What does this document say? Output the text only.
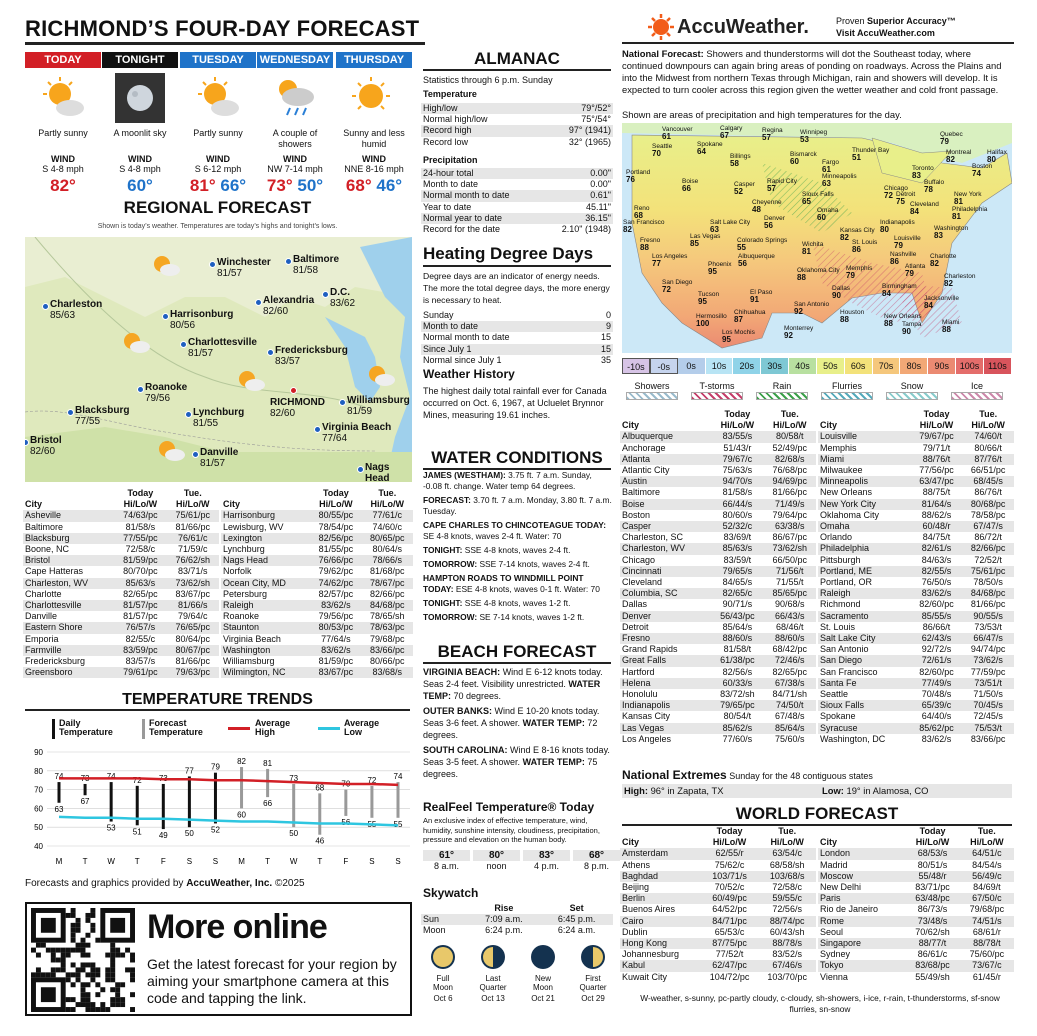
RICHMOND’S FOUR-DAY FORECAST
TODAY
Partly sunny
WIND
S 4-8 mph
82°
TONIGHT
A moonlit sky
WIND
S 4-8 mph
60°
TUESDAY
Partly sunny
WIND
S 6-12 mph
81° 66°
WEDNESDAY
A couple of showers
WIND
NW 7-14 mph
73° 50°
THURSDAY
Sunny and less humid
WIND
NNE 8-16 mph
68° 46°
REGIONAL FORECAST
Shown is today’s weather. Temperatures are today’s highs and tonight’s lows.
Winchester
81/57
Baltimore
81/58
D.C.
83/62
Charleston
85/63	Harrisonburg
80/56
Alexandria
82/60
Charlottesville
81/57	Fredericksburg
83/57
Roanoke
79/56
Blacksburg
77/55
Lynchburg
81/55
RICHMOND
82/60
Williamsburg
81/59
Virginia Beach
77/64
Bristol
82/60	Danville
81/57	Nags Head

	Today	Tue.
City	Hi/Lo/W	Hi/Lo/W
Asheville	74/63/pc	75/61/pc
Baltimore	81/58/s	81/66/pc
Blacksburg	77/55/pc	76/61/c
Boone, NC	72/58/c	71/59/c
Bristol	81/59/pc	76/62/sh
Cape Hatteras	80/70/pc	83/71/s
Charleston, WV	85/63/s	73/62/sh
Charlotte	82/65/pc	83/67/pc
Charlottesville	81/57/pc	81/66/s
Danville	81/57/pc	79/64/c
Eastern Shore	76/57/s	76/65/pc
Emporia	82/55/c	80/64/pc
Farmville	83/59/pc	80/67/pc
Fredericksburg	83/57/s	81/66/pc
Greensboro	79/61/pc	79/63/pc
	Today	Tue.
City	Hi/Lo/W	Hi/Lo/W
Harrisonburg	80/55/pc	77/61/c
Lewisburg, WV	78/54/pc	74/60/c
Lexington	82/56/pc	80/65/pc
Lynchburg	81/55/pc	80/64/s
Nags Head	76/66/pc	78/66/s
Norfolk	79/62/pc	81/68/pc
Ocean City, MD	74/62/pc	78/67/pc
Petersburg	82/57/pc	82/66/pc
Raleigh	83/62/s	84/68/pc
Roanoke	79/56/pc	78/65/sh
Staunton	80/53/pc	78/63/pc
Virginia Beach	77/64/s	79/68/pc
Washington	83/62/s	83/66/pc
Williamsburg	81/59/pc	80/66/pc
Wilmington, NC	83/67/pc	83/68/s
TEMPERATURE TRENDS
Daily Temperature
Forecast Temperature
Average High
Average Low
40
50
60
70
80
90
74
63
M
73
67
T
74
53
W
72
51
T
73
49
F
77
50
S
79
52
S
82
60
M
81
66
T
73
50
W
68
46
T
70
56
F
72
55
S
74
55
S
Forecasts and graphics provided by AccuWeather, Inc. ©2025
More online
Get the latest forecast for your region by aiming your smartphone camera at this code and tapping the link.
ALMANAC
Statistics through 6 p.m. Sunday
Temperature
High/low	79°/52°
Normal high/low	75°/54°
Record high	97° (1941)
Record low	32° (1965)
Precipitation
24-hour total	0.00"
Month to date	0.00"
Normal month to date	0.61"
Year to date	45.11"
Normal year to date	36.15"
Record for the date	2.10" (1948)
Heating Degree Days
Degree days are an indicator of energy needs. The more the total degree days, the more energy is necessary to heat.
Sunday	0
Month to date	9
Normal month to date	15
Since July 1	15
Normal since July 1	35
Weather History
The highest daily total rainfall ever for Canada occurred on Oct. 6, 1967, at Ucluelet Brynnor Mines, measuring 19.61 inches.
WATER CONDITIONS
JAMES (WESTHAM): 3.75 ft. 7 a.m. Sunday, -0.08 ft. change. Water temp 64 degrees.
FORECAST: 3.70 ft. 7 a.m. Monday, 3.80 ft. 7 a.m. Tuesday.
CAPE CHARLES TO CHINCOTEAGUE TODAY: SE 4-8 knots, waves 2-4 ft. Water: 70
TONIGHT: SSE 4-8 knots, waves 2-4 ft.
TOMORROW: SSE 7-14 knots, waves 2-4 ft.
HAMPTON ROADS TO WINDMILL POINT TODAY: ESE 4-8 knots, waves 0-1 ft. Water: 70
TONIGHT: SSE 4-8 knots, waves 1-2 ft.
TOMORROW: SE 7-14 knots, waves 1-2 ft.
BEACH FORECAST
VIRGINIA BEACH: Wind E 6-12 knots today. Seas 2-4 feet. Visibility unrestricted. WATER TEMP: 70 degrees.
OUTER BANKS: Wind E 10-20 knots today. Seas 3-6 feet. A shower. WATER TEMP: 72 degrees.
SOUTH CAROLINA: Wind E 8-16 knots today. Seas 3-5 feet. A shower. WATER TEMP: 75 degrees.
RealFeel Temperature® Today
An exclusive index of effective temperature, wind, humidity, sunshine intensity, cloudiness, precipitation, pressure and elevation on the human body.
61°
8 a.m.
80°
noon
83°
4 p.m.
68°
8 p.m.
Skywatch
	Rise	Set
Sun	7:09 a.m.	6:45 p.m.
Moon	6:24 p.m.	6:24 a.m.
Full Moon
Oct 6
Last Quarter
Oct 13
New Moon
Oct 21
First Quarter
Oct 29
AccuWeather.	Proven Superior Accuracy™
Visit AccuWeather.com
National Forecast: Showers and thunderstorms will dot the Southeast today, where continued downpours can again bring areas of ponding on roadways. Across the Plains and into the Midwest from northern Texas through Michigan, rain and showers will develop. It is expected to turn cooler across this region given the wetter weather and cold front passage.
Shown are areas of precipitation and high temperatures for the day.
Vancouver
61
Calgary
67
Regina
57
Winnipeg
53
Seattle
70
Spokane
64
Billings
58
Bismarck
60	Fargo
61
Thunder Bay
51
Quebec
79
Montreal
82
Halifax
80
Portland
76	Boise
66	Casper
52
Rapid City
57
Minneapolis
63
Toronto
83
Buffalo
78
Boston
74
New York
81
Sioux Falls
65
Chicago
72 Detroit
75
Cheyenne
48	Omaha
60
Cleveland
84	Philadelphia
81
Reno
68
Salt Lake City
63
Denver
56
Kansas City
82
Indianapolis
80	Washington
83
San Francisco
82
Colorado Springs
55
St. Louis
86
Louisville
79
Fresno
88
Las Vegas
85	Wichita
81	Nashville
86
Charlotte
82
Los Angeles
77
Albuquerque
56
Oklahoma City
88
Memphis
79
Atlanta
79
San Diego
72
Phoenix
95
Dallas
90
Birmingham
84
Charleston
82
Tucson
95
El Paso
91	Jacksonville
84
Chihuahua
87
San Antonio
92	Houston
88	New Orleans
88
Hermosillo
100	Tampa
90
Miami
88
Los Mochis
95
Monterrey
92
-10s	-0s	0s	10s	20s	30s	40s	50s	60s	70s	80s	90s	100s 110s
Showers	T-storms	Rain	Flurries	Snow	Ice
	Today	Tue.
City	Hi/Lo/W	Hi/Lo/W
Albuquerque	83/55/s	80/58/t
Anchorage	51/43/r	52/49/pc
Atlanta	79/67/c	82/68/s
Atlantic City	75/63/s	76/68/pc
Austin	94/70/s	94/69/pc
Baltimore	81/58/s	81/66/pc
Boise	66/44/s	71/49/s
Boston	80/60/s	79/64/pc
Casper	52/32/c	63/38/s
Charleston, SC	83/69/t	86/67/pc
Charleston, WV	85/63/s	73/62/sh
Chicago	83/59/t	66/50/pc
Cincinnati	79/65/s	71/56/t
Cleveland	84/65/s	71/55/t
Columbia, SC	82/65/c	85/65/pc
Dallas	90/71/s	90/68/s
Denver	56/43/pc	66/43/s
Detroit	85/64/s	68/46/t
Fresno	88/60/s	88/60/s
Grand Rapids	81/58/t	68/42/pc
Great Falls	61/38/pc	72/46/s
Hartford	82/56/s	82/65/pc
Helena	60/33/s	67/38/s
Honolulu	83/72/sh	84/71/sh
Indianapolis	79/65/pc	74/50/t
Kansas City	80/54/t	67/48/s
Las Vegas	85/62/s	85/64/s
Los Angeles	77/60/s	75/60/s
	Today	Tue.
City	Hi/Lo/W	Hi/Lo/W
Louisville	79/67/pc	74/60/t
Memphis	79/71/t	80/66/t
Miami	88/76/t	87/76/t
Milwaukee	77/56/pc	66/51/pc
Minneapolis	63/47/pc	68/45/s
New Orleans	88/75/t	86/76/t
New York City	81/64/s	80/68/pc
Oklahoma City	88/62/s	78/58/pc
Omaha	60/48/r	67/47/s
Orlando	84/75/t	86/72/t
Philadelphia	82/61/s	82/66/pc
Pittsburgh	84/63/s	72/52/t
Portland, ME	82/55/s	75/61/pc
Portland, OR	76/50/s	78/50/s
Raleigh	83/62/s	84/68/pc
Richmond	82/60/pc	81/66/pc
Sacramento	85/55/s	90/55/s
St. Louis	86/66/t	73/53/t
Salt Lake City	62/43/s	66/47/s
San Antonio	92/72/s	94/74/pc
San Diego	72/61/s	73/62/s
San Francisco	82/60/pc	77/59/pc
Santa Fe	77/49/s	73/51/t
Seattle	70/48/s	71/50/s
Sioux Falls	65/39/c	70/45/s
Spokane	64/40/s	72/45/s
Syracuse	85/62/pc	75/53/t
Washington, DC	83/62/s	83/66/pc
National Extremes Sunday for the 48 contiguous states
High: 96° in Zapata, TX	Low: 19° in Alamosa, CO
WORLD FORECAST
	Today	Tue.
City	Hi/Lo/W	Hi/Lo/W
Amsterdam	62/55/r	63/54/c
Athens	75/62/c	68/58/sh
Baghdad	103/71/s	103/68/s
Beijing	70/52/c	72/58/c
Berlin	60/49/pc	59/55/c
Buenos Aires	64/52/pc	72/56/s
Cairo	84/71/pc	88/74/pc
Dublin	65/53/c	60/43/sh
Hong Kong	87/75/pc	88/78/s
Johannesburg	77/52/t	83/52/s
Kabul	62/47/pc	67/46/s
Kuwait City	104/72/pc	103/70/pc
	Today	Tue.
City	Hi/Lo/W	Hi/Lo/W
London	68/53/s	64/51/c
Madrid	80/51/s	84/54/s
Moscow	55/48/r	56/49/c
New Delhi	83/71/pc	84/69/t
Paris	63/48/pc	67/50/c
Rio de Janeiro	86/73/s	79/68/pc
Rome	73/48/s	74/51/s
Seoul	70/62/sh	68/61/r
Singapore	88/77/t	88/78/t
Sydney	86/61/c	75/60/pc
Tokyo	83/68/pc	73/67/c
Vienna	55/49/sh	61/45/r
W-weather, s-sunny, pc-partly cloudy, c-cloudy, sh-showers, i-ice, r-rain, t-thunderstorms, sf-snow flurries, sn-snow
